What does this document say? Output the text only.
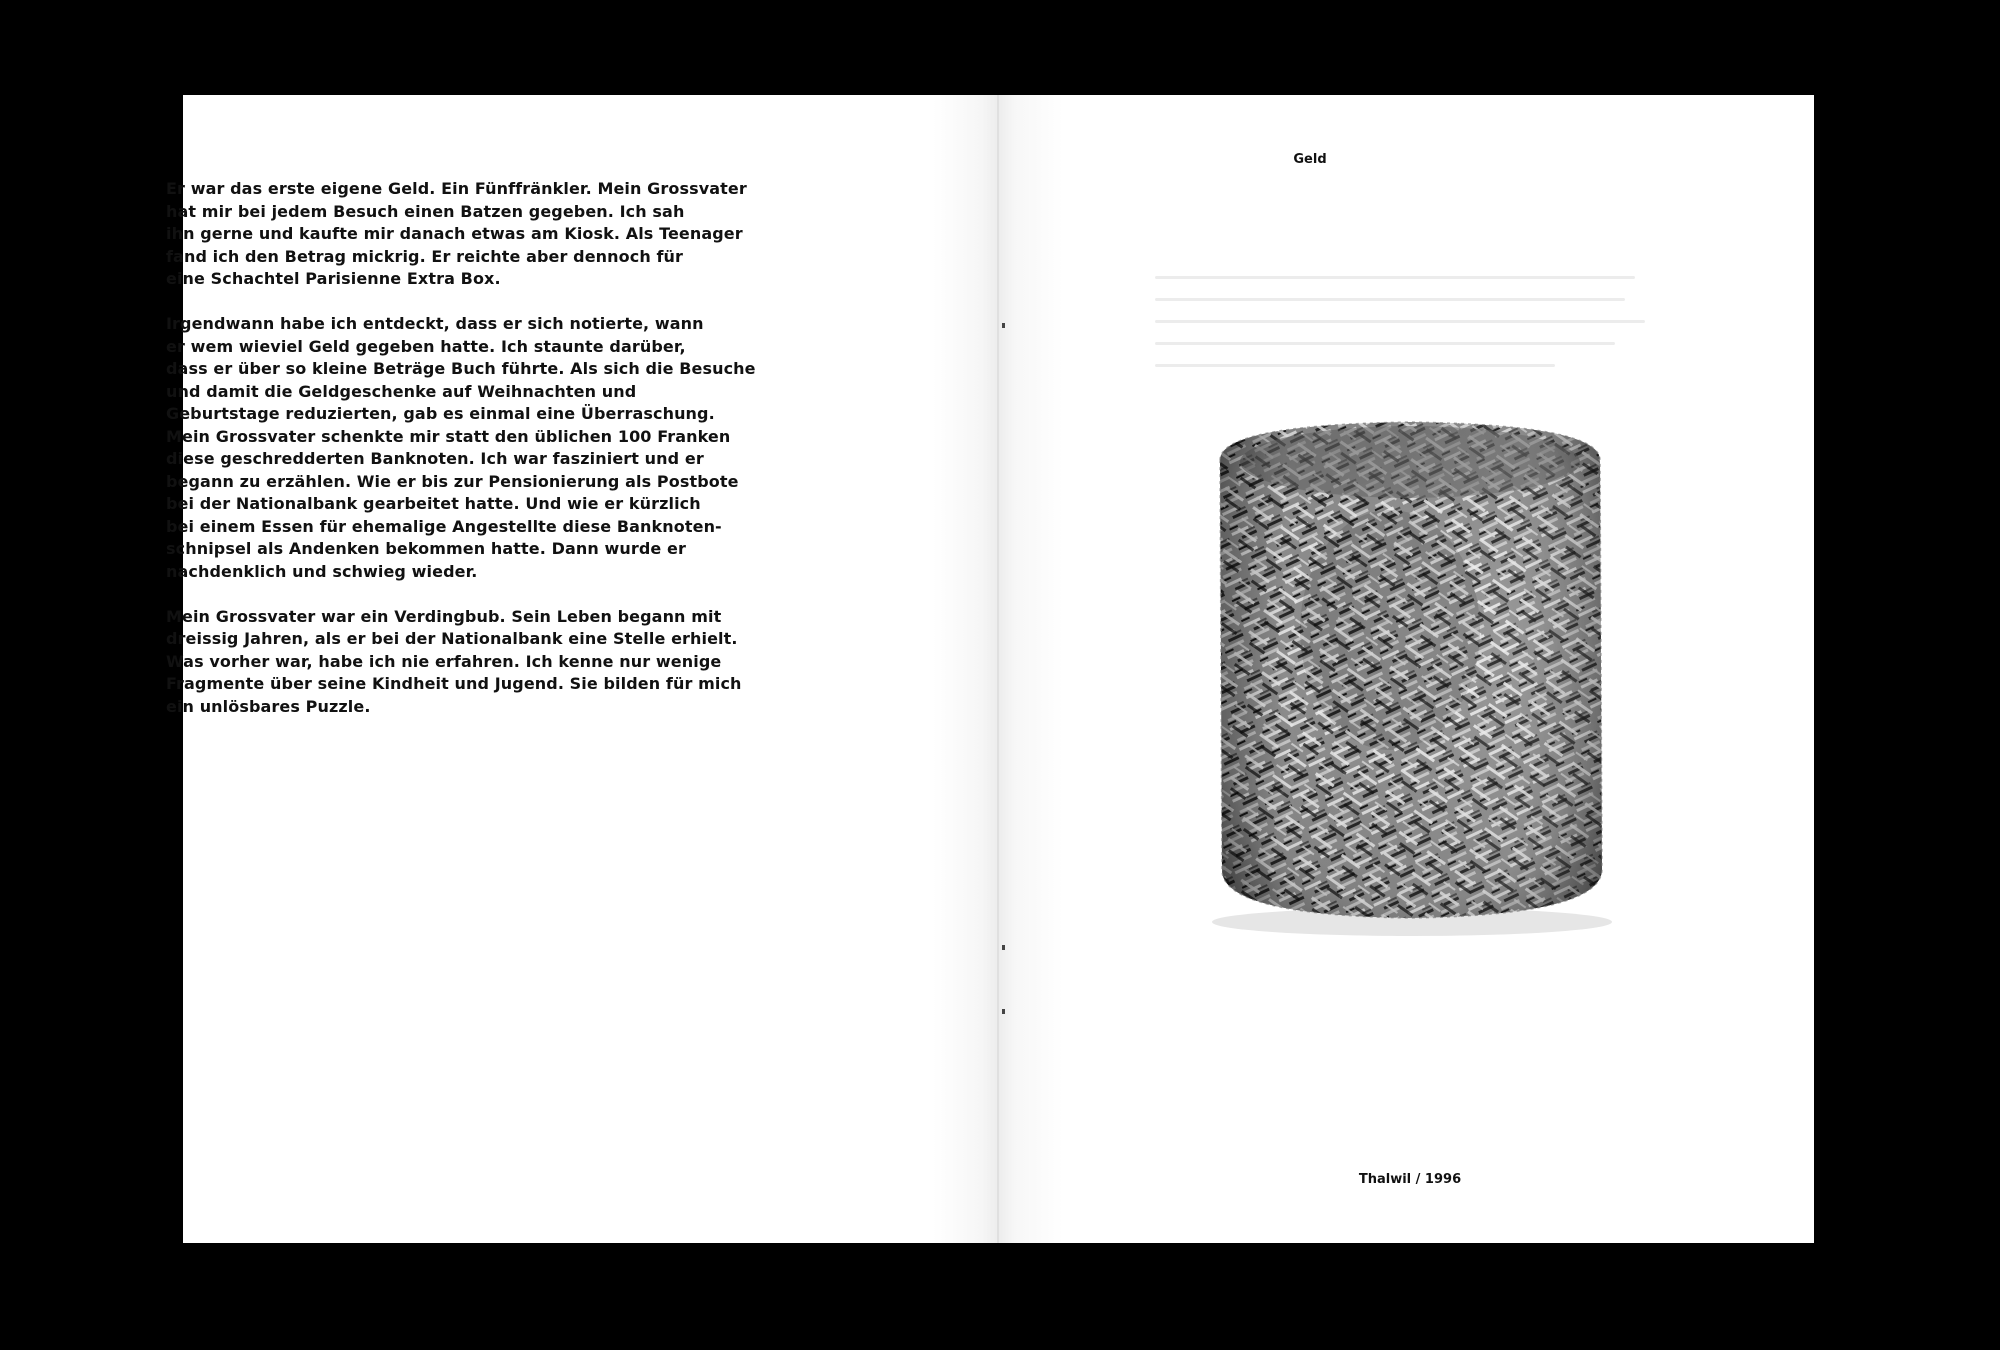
Er war das erste eigene Geld. Ein Fünffränkler. Mein Grossvater
hat mir bei jedem Besuch einen Batzen gegeben. Ich sah
ihn gerne und kaufte mir danach etwas am Kiosk. Als Teenager
fand ich den Betrag mickrig. Er reichte aber dennoch für
eine Schachtel Parisienne Extra Box.
Irgendwann habe ich entdeckt, dass er sich notierte, wann
er wem wieviel Geld gegeben hatte. Ich staunte darüber,
dass er über so kleine Beträge Buch führte. Als sich die Besuche
und damit die Geldgeschenke auf Weihnachten und
Geburtstage reduzierten, gab es einmal eine Überraschung.
Mein Grossvater schenkte mir statt den üblichen 100 Franken
diese geschredderten Banknoten. Ich war fasziniert und er
begann zu erzählen. Wie er bis zur Pensionierung als Postbote
bei der Nationalbank gearbeitet hatte. Und wie er kürzlich
bei einem Essen für ehemalige Angestellte diese Banknoten-
schnipsel als Andenken bekommen hatte. Dann wurde er
nachdenklich und schwieg wieder.
Mein Grossvater war ein Verdingbub. Sein Leben begann mit
dreissig Jahren, als er bei der Nationalbank eine Stelle erhielt.
Was vorher war, habe ich nie erfahren. Ich kenne nur wenige
Fragmente über seine Kindheit und Jugend. Sie bilden für mich
ein unlösbares Puzzle.
Geld
Thalwil / 1996
